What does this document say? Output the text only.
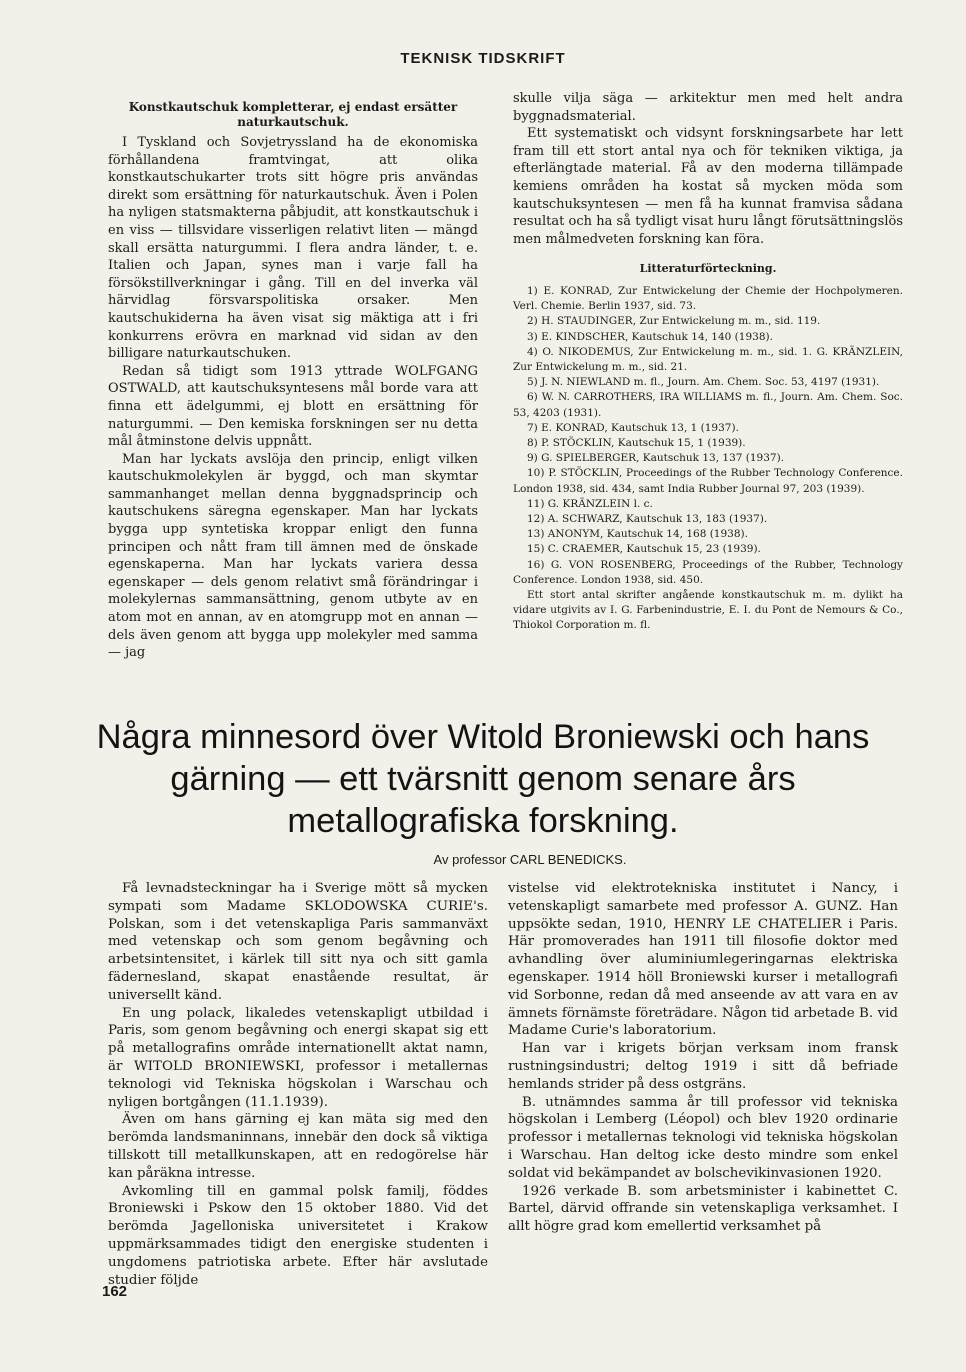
TEKNISK TIDSKRIFT
Konstkautschuk kompletterar, ej endast ersätter naturkautschuk.

I Tyskland och Sovjetryssland ha de ekonomiska förhållandena framtvingat, att olika konstkautschukarter trots sitt högre pris användas direkt som ersättning för naturkautschuk. Även i Polen ha nyligen statsmakterna påbjudit, att konstkautschuk i en viss — tillsvidare visserligen relativt liten — mängd skall ersätta naturgummi. I flera andra länder, t. e. Italien och Japan, synes man i varje fall ha försökstillverkningar i gång. Till en del inverka väl härvidlag försvarspolitiska orsaker. Men kautschukiderna ha även visat sig mäktiga att i fri konkurrens erövra en marknad vid sidan av den billigare naturkautschuken.

Redan så tidigt som 1913 yttrade WOLFGANG OSTWALD, att kautschuksyntesens mål borde vara att finna ett ädelgummi, ej blott en ersättning för naturgummi. — Den kemiska forskningen ser nu detta mål åtminstone delvis uppnått.

Man har lyckats avslöja den princip, enligt vilken kautschukmolekylen är byggd, och man skymtar sammanhanget mellan denna byggnadsprincip och kautschukens säregna egenskaper. Man har lyckats bygga upp syntetiska kroppar enligt den funna principen och nått fram till ämnen med de önskade egenskaperna. Man har lyckats variera dessa egenskaper — dels genom relativt små förändringar i molekylernas sammansättning, genom utbyte av en atom mot en annan, av en atomgrupp mot en annan — dels även genom att bygga upp molekyler med samma — jag

skulle vilja säga — arkitektur men med helt andra byggnadsmaterial.

Ett systematiskt och vidsynt forskningsarbete har lett fram till ett stort antal nya och för tekniken viktiga, ja efterlängtade material. Få av den moderna tillämpade kemiens områden ha kostat så mycken möda som kautschuksyntesen — men få ha kunnat framvisa sådana resultat och ha så tydligt visat huru långt förutsättningslös men målmedveten forskning kan föra.

Litteraturförteckning.

1) E. KONRAD, Zur Entwickelung der Chemie der Hochpolymeren. Verl. Chemie. Berlin 1937, sid. 73.

2) H. STAUDINGER, Zur Entwickelung m. m., sid. 119.

3) E. KINDSCHER, Kautschuk 14, 140 (1938).

4) O. NIKODEMUS, Zur Entwickelung m. m., sid. 1. G. KRÄNZLEIN, Zur Entwickelung m. m., sid. 21.

5) J. N. NIEWLAND m. fl., Journ. Am. Chem. Soc. 53, 4197 (1931).

6) W. N. CARROTHERS, IRA WILLIAMS m. fl., Journ. Am. Chem. Soc. 53, 4203 (1931).

7) E. KONRAD, Kautschuk 13, 1 (1937).

8) P. STÖCKLIN, Kautschuk 15, 1 (1939).

9) G. SPIELBERGER, Kautschuk 13, 137 (1937).

10) P. STÖCKLIN, Proceedings of the Rubber Technology Conference. London 1938, sid. 434, samt India Rubber Journal 97, 203 (1939).

11) G. KRÄNZLEIN l. c.

12) A. SCHWARZ, Kautschuk 13, 183 (1937).

13) ANONYM, Kautschuk 14, 168 (1938).

15) C. CRAEMER, Kautschuk 15, 23 (1939).

16) G. VON ROSENBERG, Proceedings of the Rubber, Technology Conference. London 1938, sid. 450.

Ett stort antal skrifter angående konstkautschuk m. m. dylikt ha vidare utgivits av I. G. Farbenindustrie, E. I. du Pont de Nemours & Co., Thiokol Corporation m. fl.

Några minnesord över Witold Broniewski och hans gärning — ett tvärsnitt genom senare års metallografiska forskning.
Av professor CARL BENEDICKS.

Få levnadsteckningar ha i Sverige mött så mycken sympati som Madame SKLODOWSKA CURIE's. Polskan, som i det vetenskapliga Paris sammanväxt med vetenskap och som genom begåvning och arbetsintensitet, i kärlek till sitt nya och sitt gamla fädernesland, skapat enastående resultat, är universellt känd.

En ung polack, likaledes vetenskapligt utbildad i Paris, som genom begåvning och energi skapat sig ett på metallografins område internationellt aktat namn, är WITOLD BRONIEWSKI, professor i metallernas teknologi vid Tekniska högskolan i Warschau och nyligen bortgången (11.1.1939).

Även om hans gärning ej kan mäta sig med den berömda landsmaninnans, innebär den dock så viktiga tillskott till metallkunskapen, att en redogörelse här kan påräkna intresse.

Avkomling till en gammal polsk familj, föddes Broniewski i Pskow den 15 oktober 1880. Vid det berömda Jagelloniska universitetet i Krakow uppmärksammades tidigt den energiske studenten i ungdomens patriotiska arbete. Efter här avslutade studier följde

vistelse vid elektrotekniska institutet i Nancy, i vetenskapligt samarbete med professor A. GUNZ. Han uppsökte sedan, 1910, HENRY LE CHATELIER i Paris. Här promoverades han 1911 till filosofie doktor med avhandling över aluminiumlegeringarnas elektriska egenskaper. 1914 höll Broniewski kurser i metallografi vid Sorbonne, redan då med anseende av att vara en av ämnets förnämste företrädare. Någon tid arbetade B. vid Madame Curie's laboratorium.

Han var i krigets början verksam inom fransk rustningsindustri; deltog 1919 i sitt då befriade hemlands strider på dess ostgräns.

B. utnämndes samma år till professor vid tekniska högskolan i Lemberg (Léopol) och blev 1920 ordinarie professor i metallernas teknologi vid tekniska högskolan i Warschau. Han deltog icke desto mindre som enkel soldat vid bekämpandet av bolschevikinvasionen 1920.

1926 verkade B. som arbetsminister i kabinettet C. Bartel, därvid offrande sin vetenskapliga verksamhet. I allt högre grad kom emellertid verksamhet på

162
